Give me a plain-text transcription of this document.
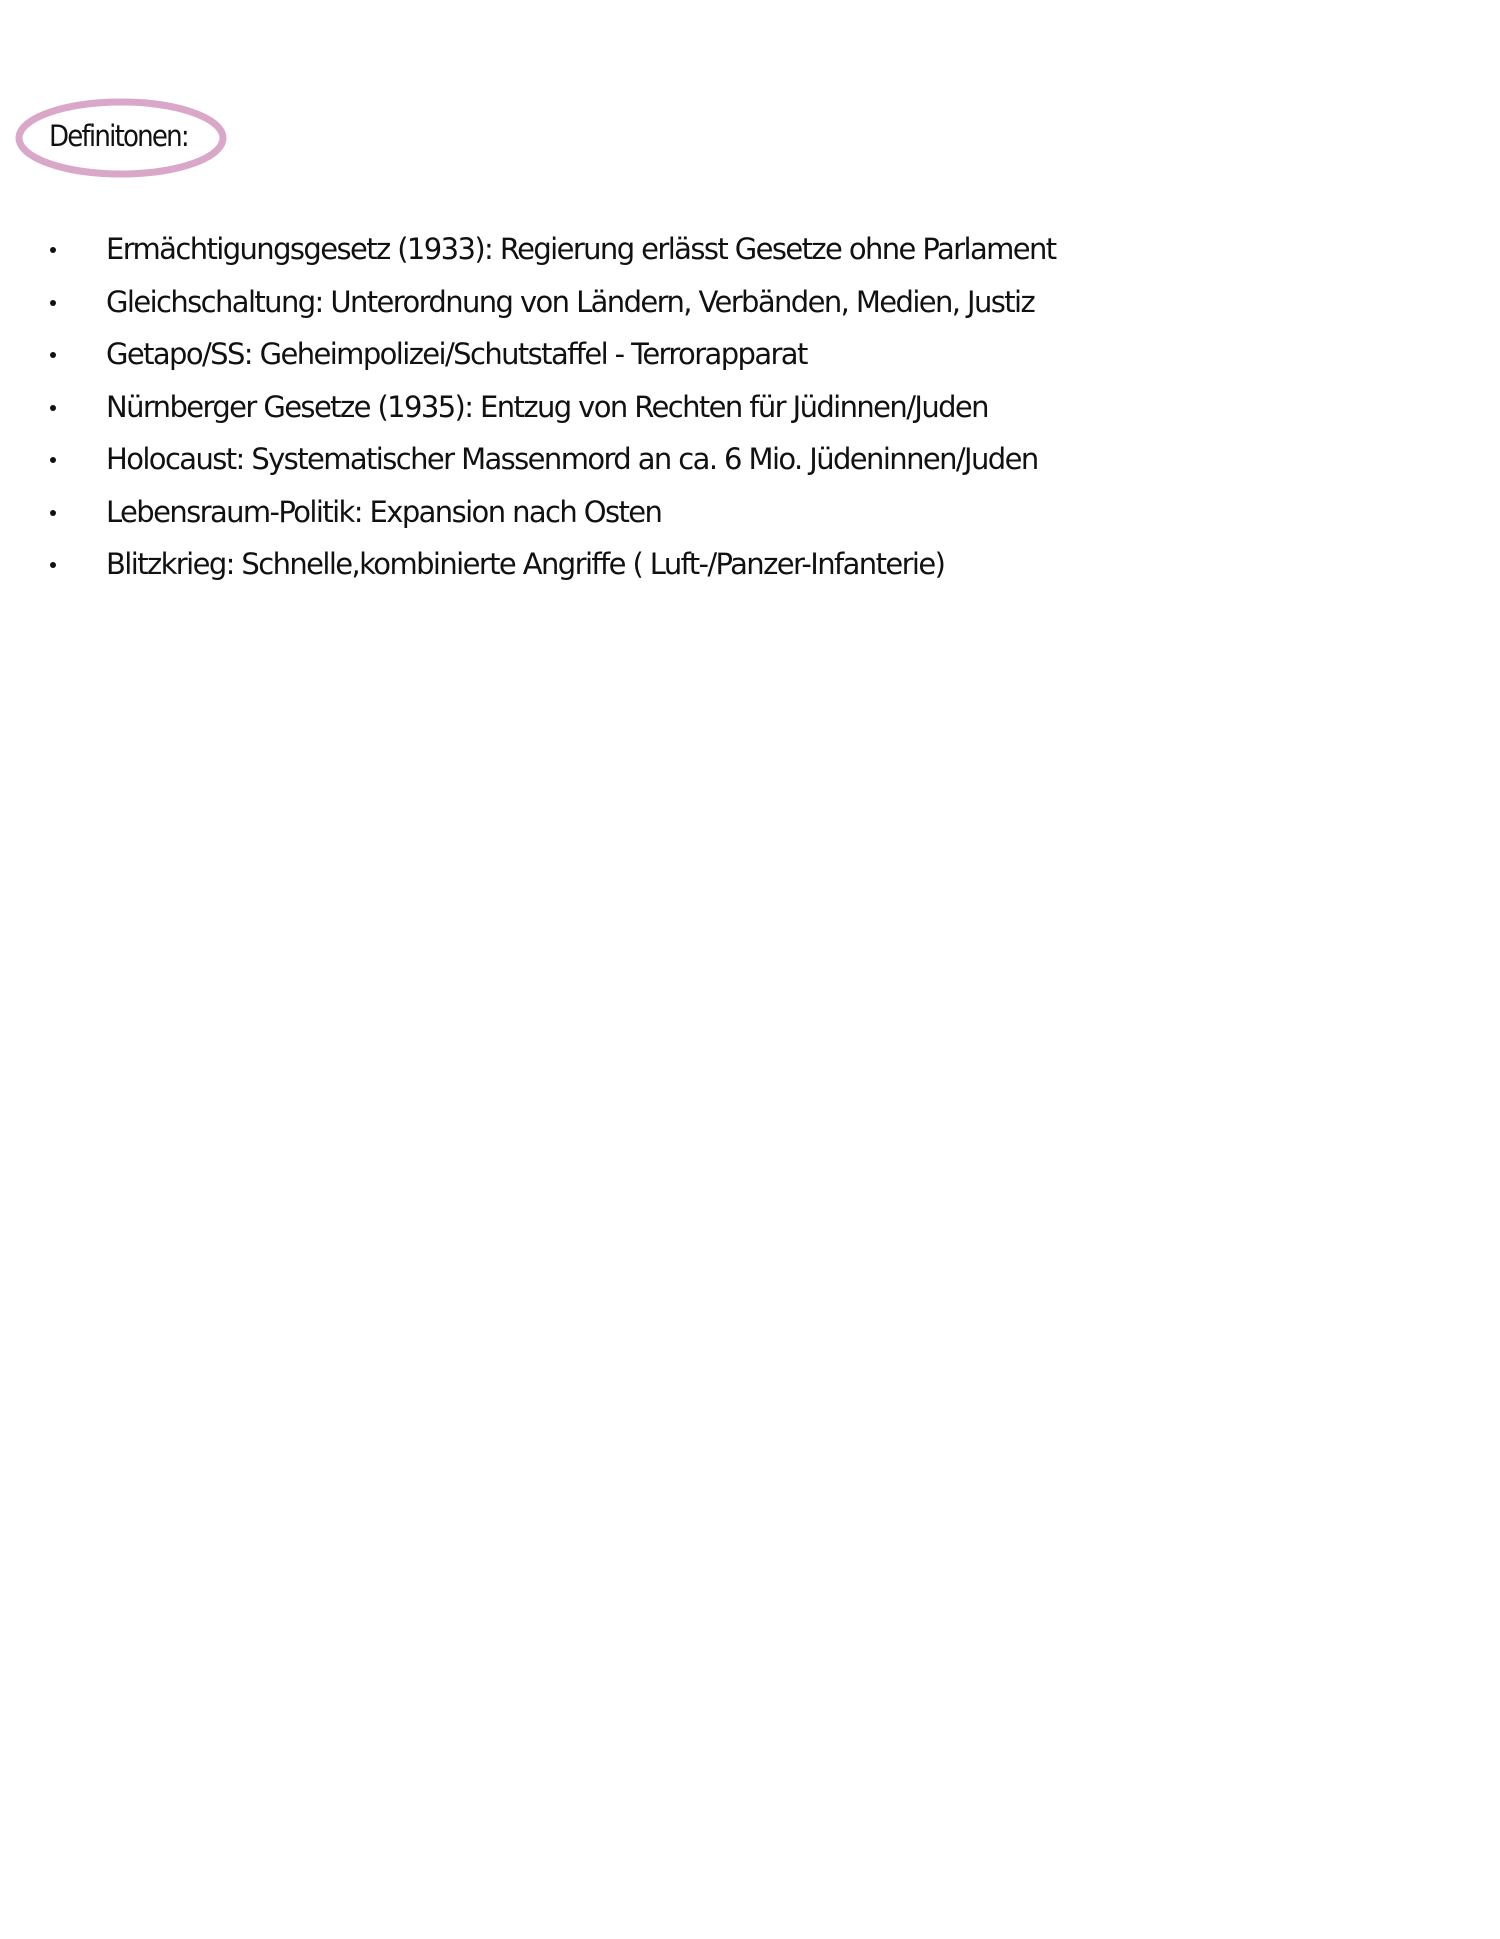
Definitonen:
Ermächtigungsgesetz (1933): Regierung erlässt Gesetze ohne Parlament
Gleichschaltung: Unterordnung von Ländern, Verbänden, Medien, Justiz
Getapo/SS: Geheimpolizei/Schutstaffel - Terrorapparat
Nürnberger Gesetze (1935): Entzug von Rechten für Jüdinnen/Juden
Holocaust: Systematischer Massenmord an ca. 6 Mio. Jüdeninnen/Juden
Lebensraum-Politik: Expansion nach Osten
Blitzkrieg: Schnelle,kombinierte Angriffe ( Luft-/Panzer-Infanterie)
